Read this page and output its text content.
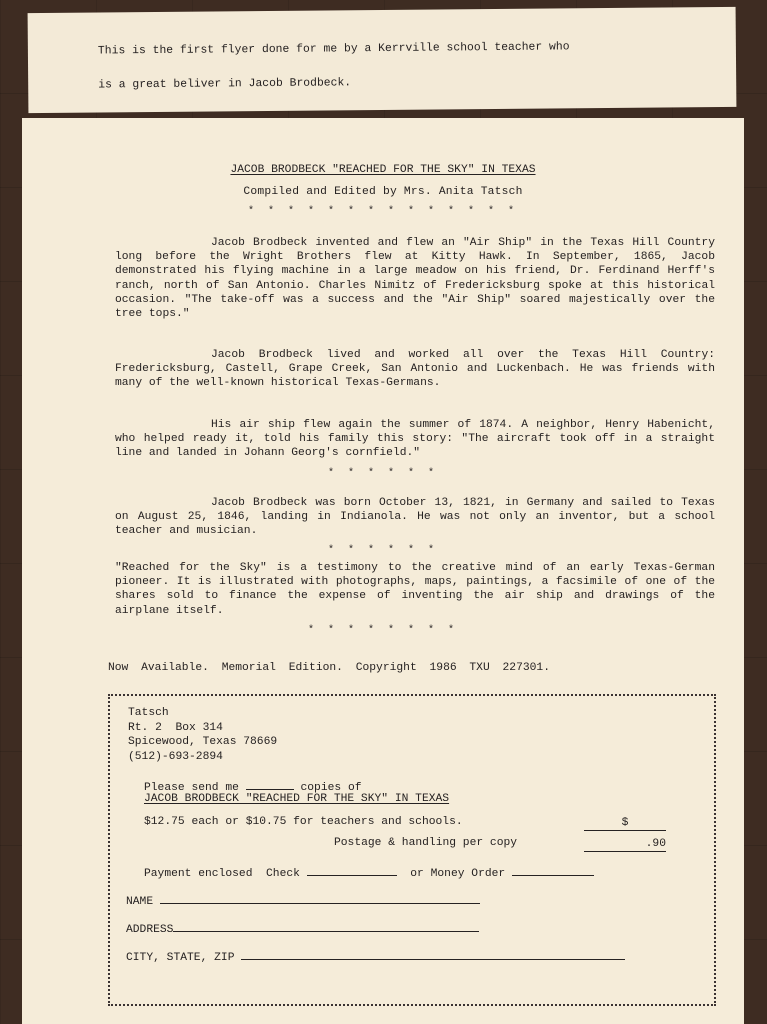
This is the first flyer done for me by a Kerrville school teacher who

is a great beliver in Jacob Brodbeck.

JACOB BRODBECK "REACHED FOR THE SKY" IN TEXAS
Compiled and Edited by Mrs. Anita Tatsch
* * * * * * * * * * * * * *

Jacob Brodbeck invented and flew an "Air Ship" in the Texas Hill Country long before the Wright Brothers flew at Kitty Hawk. In September, 1865, Jacob demonstrated his flying machine in a large meadow on his friend, Dr. Ferdinand Herff's ranch, north of San Antonio. Charles Nimitz of Fredericksburg spoke at this historical occasion. "The take-off was a success and the "Air Ship" soared majestically over the tree tops."

Jacob Brodbeck lived and worked all over the Texas Hill Country: Fredericksburg, Castell, Grape Creek, San Antonio and Luckenbach. He was friends with many of the well-known historical Texas-Germans.

His air ship flew again the summer of 1874. A neighbor, Henry Habenicht, who helped ready it, told his family this story: "The aircraft took off in a straight line and landed in Johann Georg's cornfield."

* * * * * *

Jacob Brodbeck was born October 13, 1821, in Germany and sailed to Texas on August 25, 1846, landing in Indianola. He was not only an inventor, but a school teacher and musician.

* * * * * *

"Reached for the Sky" is a testimony to the creative mind of an early Texas-German pioneer. It is illustrated with photographs, maps, paintings, a facsimile of one of the shares sold to finance the expense of inventing the air ship and drawings of the airplane itself.

* * * * * * * *
Now Available. Memorial Edition. Copyright 1986 TXU 227301.
Tatsch
Rt. 2  Box 314
Spicewood, Texas 78669
(512)-693-2894
Please send me	copies of
JACOB BRODBECK "REACHED FOR THE SKY" IN TEXAS
$12.75 each or $10.75 for teachers and schools.	$
Postage & handling per copy	.90
Payment enclosed Check	or Money Order
NAME
ADDRESS
CITY, STATE, ZIP
